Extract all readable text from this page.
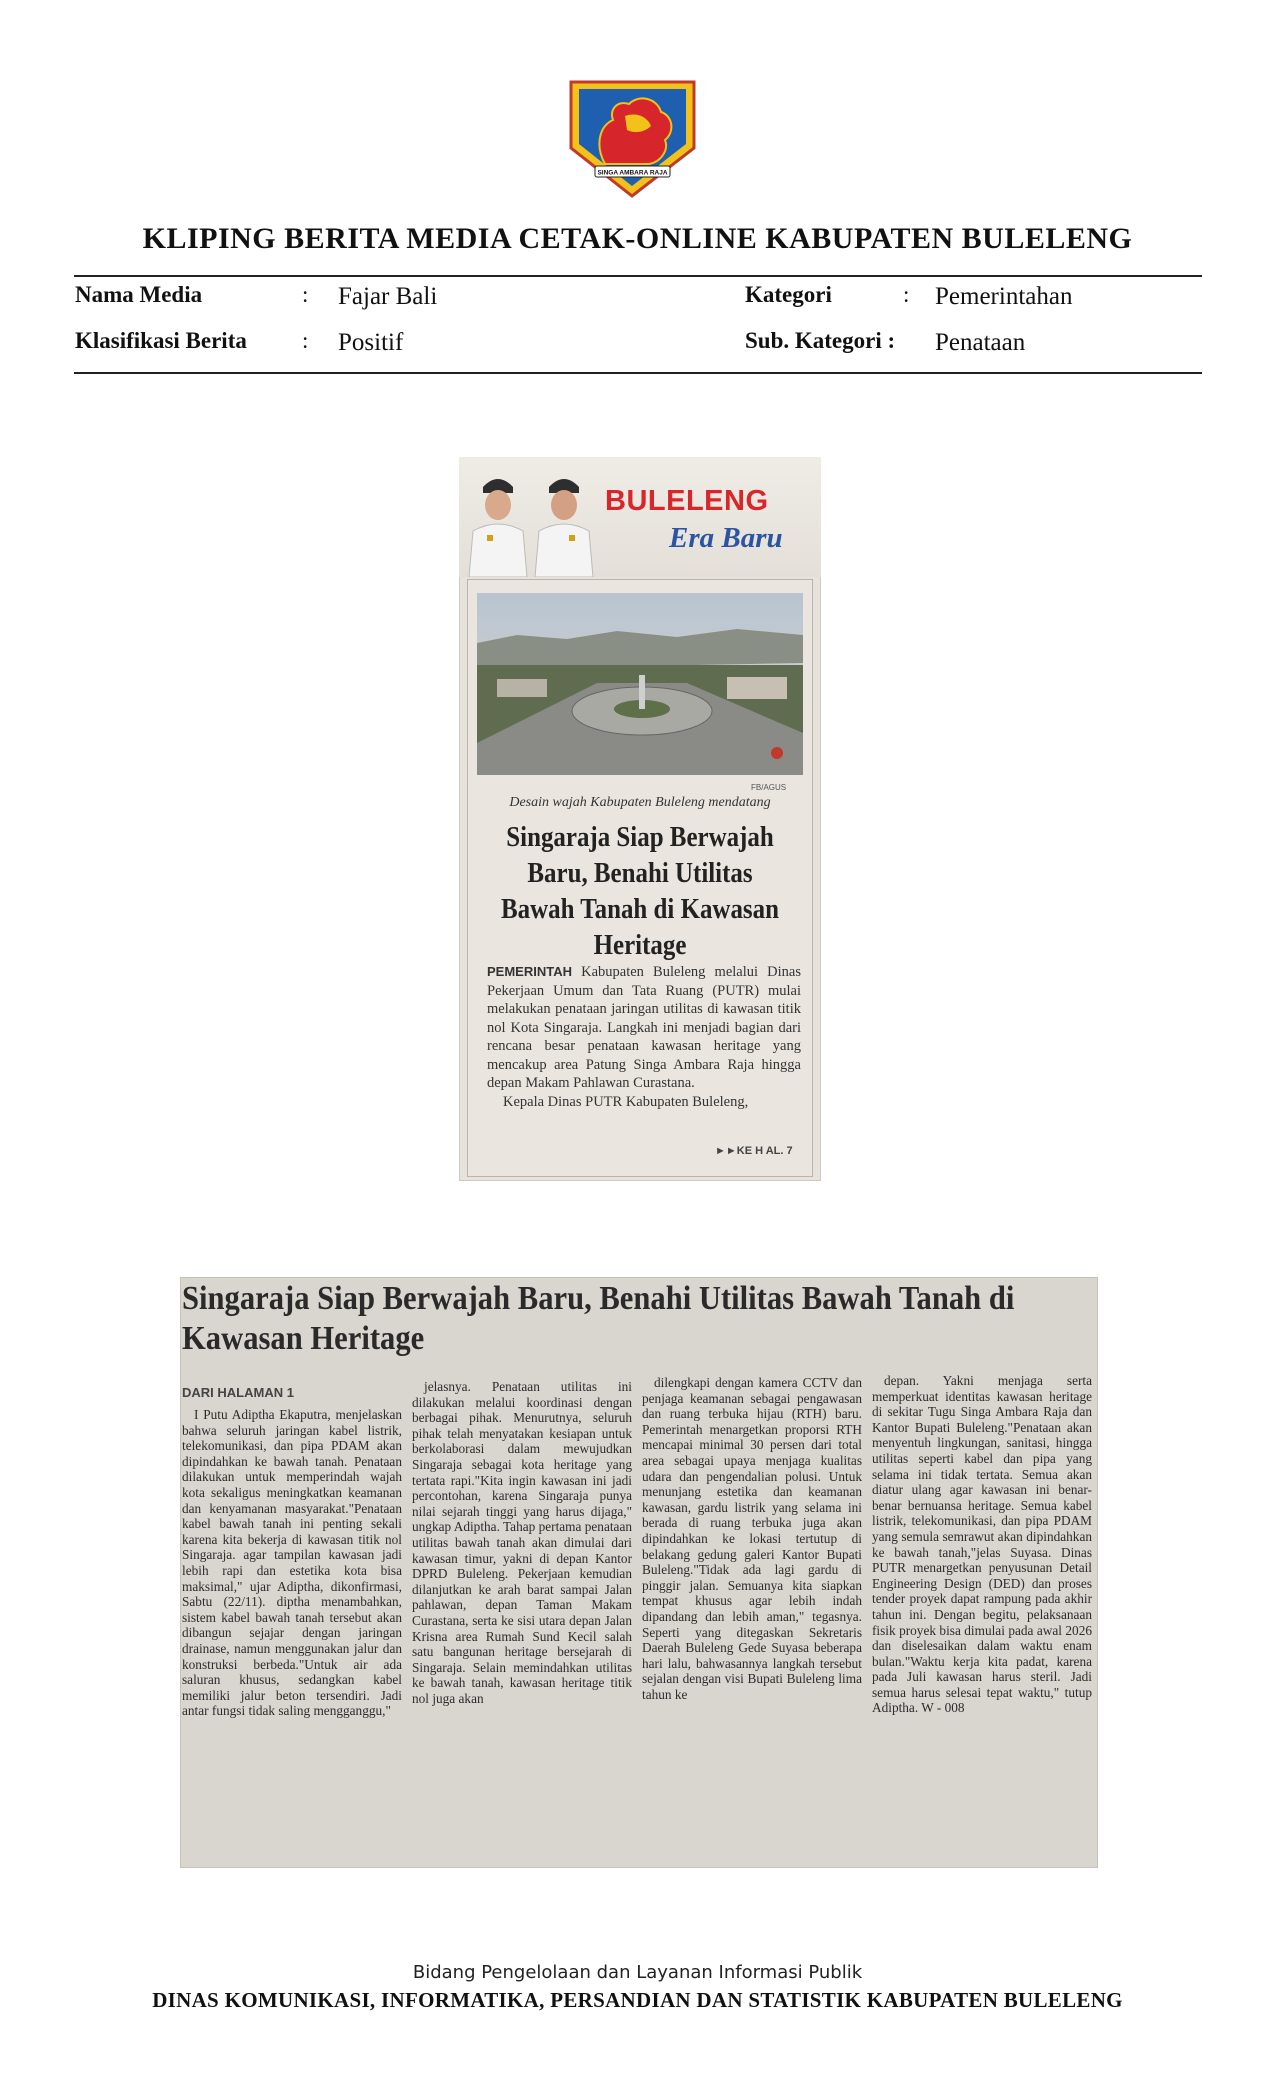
SINGA AMBARA RAJA
KLIPING BERITA MEDIA CETAK-ONLINE KABUPATEN BULELENG
Nama Media	: Fajar Bali	Kategori	: Pemerintahan
Klasifikasi Berita : Positif	Sub. Kategori : Penataan
BULELENG
Era Baru
FB/AGUS
Desain wajah Kabupaten Buleleng mendatang
Singaraja Siap Berwajah Baru, Benahi Utilitas Bawah Tanah di Kawasan Heritage
PEMERINTAH Kabupaten Buleleng melalui Dinas Pekerjaan Umum dan Tata Ruang (PUTR) mulai melakukan penataan jaringan utilitas di kawasan titik nol Kota Singaraja. Langkah ini menjadi bagian dari rencana besar penataan kawasan heritage yang mencakup area Patung Singa Ambara Raja hingga depan Makam Pahlawan Curastana.
Kepala Dinas PUTR Kabupaten Buleleng,
►►KE H AL. 7
Singaraja Siap Berwajah Baru, Benahi Utilitas Bawah Tanah di Kawasan Heritage
DARI HALAMAN 1

I Putu Adiptha Ekaputra, menjelaskan bahwa seluruh jaringan kabel listrik, telekomunikasi, dan pipa PDAM akan dipindahkan ke bawah tanah. Penataan dilakukan untuk memperindah wajah kota sekaligus meningkatkan keamanan dan kenyamanan masyarakat."Penataan kabel bawah tanah ini penting sekali karena kita bekerja di kawasan titik nol Singaraja. agar tampilan kawasan jadi lebih rapi dan estetika kota bisa maksimal," ujar Adiptha, dikonfirmasi, Sabtu (22/11). diptha menambahkan, sistem kabel bawah tanah tersebut akan dibangun sejajar dengan jaringan drainase, namun menggunakan jalur dan konstruksi berbeda."Untuk air ada saluran khusus, sedangkan kabel memiliki jalur beton tersendiri. Jadi antar fungsi tidak saling mengganggu,"

jelasnya. Penataan utilitas ini dilakukan melalui koordinasi dengan berbagai pihak. Menurutnya, seluruh pihak telah menyatakan kesiapan untuk berkolaborasi dalam mewujudkan Singaraja sebagai kota heritage yang tertata rapi."Kita ingin kawasan ini jadi percontohan, karena Singaraja punya nilai sejarah tinggi yang harus dijaga," ungkap Adiptha. Tahap pertama penataan utilitas bawah tanah akan dimulai dari kawasan timur, yakni di depan Kantor DPRD Buleleng. Pekerjaan kemudian dilanjutkan ke arah barat sampai Jalan pahlawan, depan Taman Makam Curastana, serta ke sisi utara depan Jalan Krisna area Rumah Sund Kecil salah satu bangunan heritage bersejarah di Singaraja. Selain memindahkan utilitas ke bawah tanah, kawasan heritage titik nol juga akan

dilengkapi dengan kamera CCTV dan penjaga keamanan sebagai pengawasan dan ruang terbuka hijau (RTH) baru. Pemerintah menargetkan proporsi RTH mencapai minimal 30 persen dari total area sebagai upaya menjaga kualitas udara dan pengendalian polusi. Untuk menunjang estetika dan keamanan kawasan, gardu listrik yang selama ini berada di ruang terbuka juga akan dipindahkan ke lokasi tertutup di belakang gedung galeri Kantor Bupati Buleleng."Tidak ada lagi gardu di pinggir jalan. Semuanya kita siapkan tempat khusus agar lebih indah dipandang dan lebih aman," tegasnya. Seperti yang ditegaskan Sekretaris Daerah Buleleng Gede Suyasa beberapa hari lalu, bahwasannya langkah tersebut sejalan dengan visi Bupati Buleleng lima tahun ke

depan. Yakni menjaga serta memperkuat identitas kawasan heritage di sekitar Tugu Singa Ambara Raja dan Kantor Bupati Buleleng."Penataan akan menyentuh lingkungan, sanitasi, hingga utilitas seperti kabel dan pipa yang selama ini tidak tertata. Semua akan diatur ulang agar kawasan ini benar-benar bernuansa heritage. Semua kabel listrik, telekomunikasi, dan pipa PDAM yang semula semrawut akan dipindahkan ke bawah tanah,"jelas Suyasa. Dinas PUTR menargetkan penyusunan Detail Engineering Design (DED) dan proses tender proyek dapat rampung pada akhir tahun ini. Dengan begitu, pelaksanaan fisik proyek bisa dimulai pada awal 2026 dan diselesaikan dalam waktu enam bulan."Waktu kerja kita padat, karena pada Juli kawasan harus steril. Jadi semua harus selesai tepat waktu," tutup Adiptha. W - 008

Bidang Pengelolaan dan Layanan Informasi Publik
DINAS KOMUNIKASI, INFORMATIKA, PERSANDIAN DAN STATISTIK KABUPATEN BULELENG
